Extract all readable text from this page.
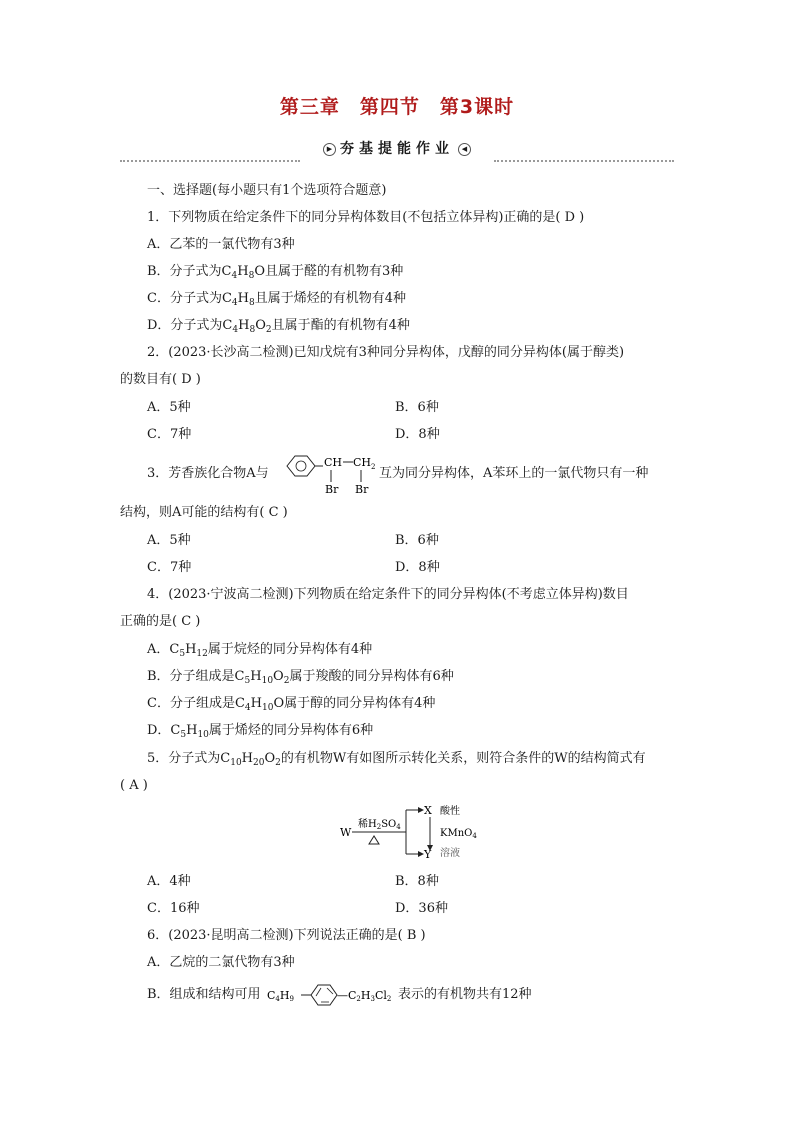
第三章　第四节　第3课时
▶ 夯基提能作业 ◀
一、选择题(每小题只有1个选项符合题意)
1．下列物质在给定条件下的同分异构体数目(不包括立体异构)正确的是( D )
A．乙苯的一氯代物有3种
B．分子式为$C_4H_8O$且属于醛的有机物有3种
C．分子式为$C_4H_8$且属于烯烃的有机物有4种
D．分子式为$C_4H_8O_2$且属于酯的有机物有4种
2．(2023·长沙高二检测)已知戊烷有3种同分异构体，戊醇的同分异构体(属于醇类)
的数目有( D )
A．5种	B．6种
C．7种	D．8种
3．芳香族化合物A与
CH $CH_2$
Br Br
互为同分异构体，A苯环上的一氯代物只有一种
结构，则A可能的结构有( C )
A．5种	B．6种
C．7种	D．8种
4．(2023·宁波高二检测)下列物质在给定条件下的同分异构体(不考虑立体异构)数目
正确的是( C )
A．$C_5H_{12}$属于烷烃的同分异构体有4种
B．分子组成是$C_5H_{10}O_2$属于羧酸的同分异构体有6种
C．分子组成是$C_4H_{10}O$属于醇的同分异构体有4种
D．$C_5H_{10}$属于烯烃的同分异构体有6种
5．分子式为$C_{10}H_{20}O_2$的有机物W有如图所示转化关系，则符合条件的W的结构简式有
( A )
W
稀$H_2SO_4$
X
Y
酸性
KMnO$_4$
溶液
A．4种	B．8种
C．16种	D．36种
6．(2023·昆明高二检测)下列说法正确的是( B )
A．乙烷的二氯代物有3种
B．组成和结构可用 C4H9	—C2H3Cl2 表示的有机物共有12种
